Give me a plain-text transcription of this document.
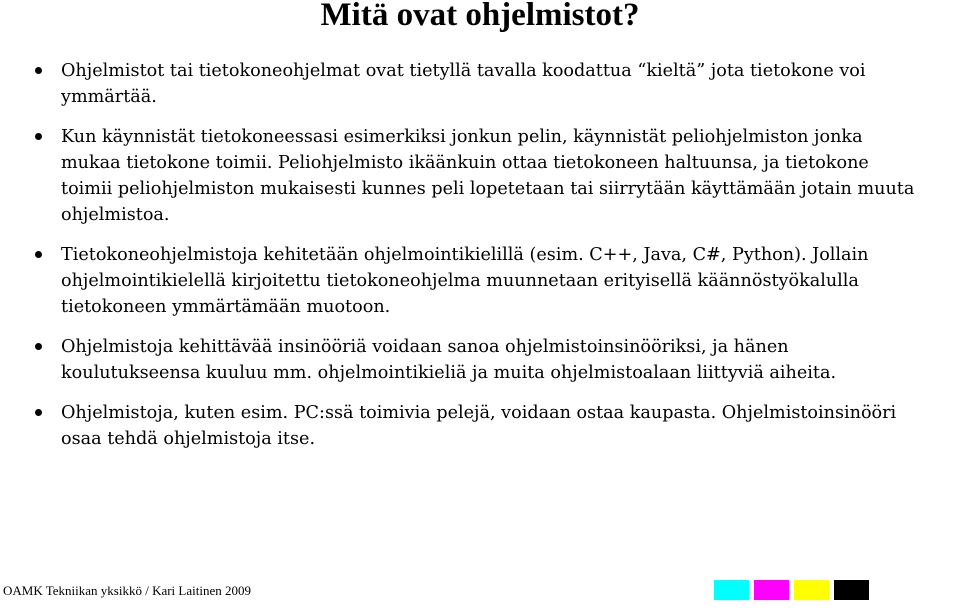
Mitä ovat ohjelmistot?
Ohjelmistot tai tietokoneohjelmat ovat tietyllä tavalla koodattua “kieltä” jota tietokone voi ymmärtää.
Kun käynnistät tietokoneessasi esimerkiksi jonkun pelin, käynnistät peliohjelmiston jonka mukaa tietokone toimii. Peliohjelmisto ikäänkuin ottaa tietokoneen haltuunsa, ja tietokone toimii peliohjelmiston mukaisesti kunnes peli lopetetaan tai siirrytään käyttämään jotain muuta ohjelmistoa.
Tietokoneohjelmistoja kehitetään ohjelmointikielillä (esim. C++, Java, C#, Python). Jollain ohjelmointikielellä kirjoitettu tietokoneohjelma muunnetaan erityisellä käännöstyökalulla tietokoneen ymmärtämään muotoon.
Ohjelmistoja kehittävää insinööriä voidaan sanoa ohjelmistoinsinööriksi, ja hänen koulutukseensa kuuluu mm. ohjelmointikieliä ja muita ohjelmistoalaan liittyviä aiheita.
Ohjelmistoja, kuten esim. PC:ssä toimivia pelejä, voidaan ostaa kaupasta. Ohjelmistoinsinööri osaa tehdä ohjelmistoja itse.
OAMK Tekniikan yksikkö / Kari Laitinen 2009
